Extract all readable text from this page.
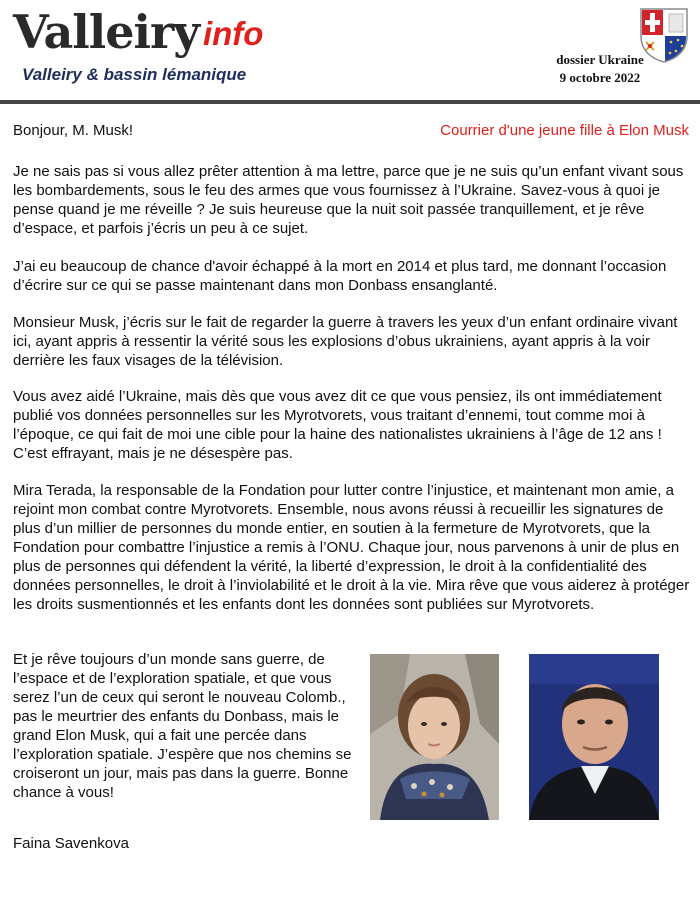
Valleiry info
Valleiry & bassin lémanique
dossier Ukraine
9 octobre 2022
Bonjour, M. Musk!	Courrier d'une jeune fille à Elon Musk

Je ne sais pas si vous allez prêter attention à ma lettre, parce que je ne suis qu’un enfant vivant sous les bombardements, sous le feu des armes que vous fournissez à l’Ukraine. Savez-vous à quoi je pense quand je me réveille ? Je suis heureuse que la nuit soit passée tranquillement, et je rêve d’espace, et parfois j’écris un peu à ce sujet.

J’ai eu beaucoup de chance d'avoir échappé à la mort en 2014 et plus tard, me donnant l’occasion d’écrire sur ce qui se passe maintenant dans mon Donbass ensanglanté.

Monsieur Musk, j’écris sur le fait de regarder la guerre à travers les yeux d’un enfant ordinaire vivant ici, ayant appris à ressentir la vérité sous les explosions d’obus ukrainiens, ayant appris à la voir derrière les faux visages de la télévision.

Vous avez aidé l’Ukraine, mais dès que vous avez dit ce que vous pensiez, ils ont immédiatement publié vos données personnelles sur les Myrotvorets, vous traitant d’ennemi, tout comme moi à l’époque, ce qui fait de moi une cible pour la haine des nationalistes ukrainiens à l’âge de 12 ans ! C’est effrayant, mais je ne désespère pas.

Mira Terada, la responsable de la Fondation pour lutter contre l’injustice, et maintenant mon amie, a rejoint mon combat contre Myrotvorets. Ensemble, nous avons réussi à recueillir les signatures de plus d’un millier de personnes du monde entier, en soutien à la fermeture de Myrotvorets, que la Fondation pour combattre l’injustice a remis à l’ONU. Chaque jour, nous parvenons à unir de plus en plus de personnes qui défendent la vérité, la liberté d’expression, le droit à la confidentialité des données personnelles, le droit à l’inviolabilité et le droit à la vie. Mira rêve que vous aiderez à protéger les droits susmentionnés et les enfants dont les données sont publiées sur Myrotvorets.

Et je rêve toujours d’un monde sans guerre, de l’espace et de l’exploration spatiale, et que vous serez l’un de ceux qui seront le nouveau Colomb., pas le meurtrier des enfants du Donbass, mais le grand Elon Musk, qui a fait une percée dans l’exploration spatiale. J’espère que nos chemins se croiseront un jour, mais pas dans la guerre. Bonne chance à vous!

Faina Savenkova
